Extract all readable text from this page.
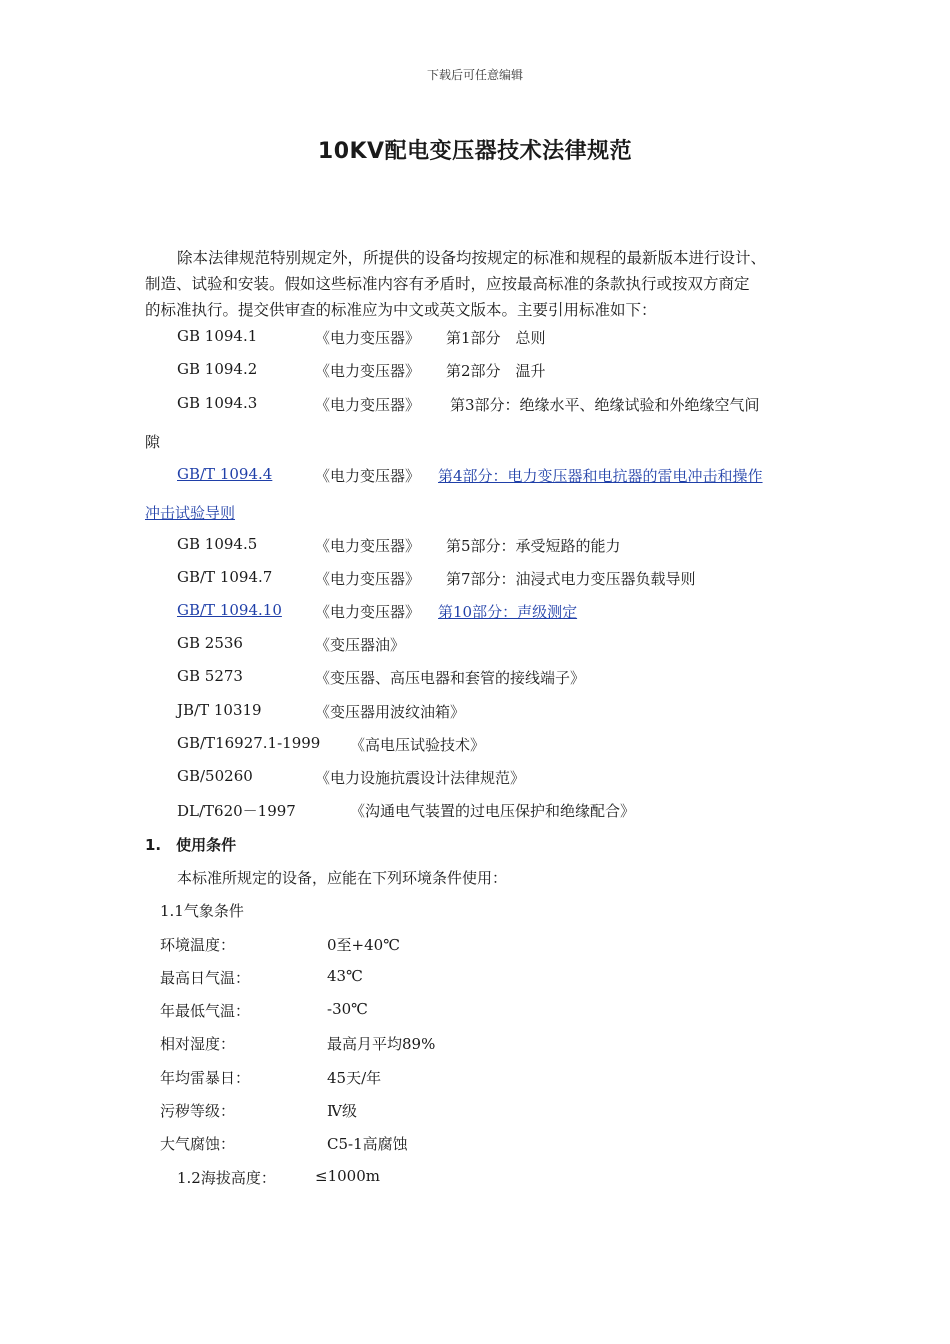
下载后可任意编辑
10KV配电变压器技术法律规范
除本法律规范特别规定外，所提供的设备均按规定的标准和规程的最新版本进行设计、
制造、试验和安装。假如这些标准内容有矛盾时，应按最高标准的条款执行或按双方商定
的标准执行。提交供审查的标准应为中文或英文版本。主要引用标准如下：
GB 1094.1	《电力变压器》 第1部分　总则
GB 1094.2	《电力变压器》 第2部分　温升
GB 1094.3	《电力变压器》 第3部分：绝缘水平、绝缘试验和外绝缘空气间
隙
GB/T 1094.4	《电力变压器》 第4部分：电力变压器和电抗器的雷电冲击和操作
冲击试验导则
GB 1094.5	《电力变压器》 第5部分：承受短路的能力
GB/T 1094.7	《电力变压器》 第7部分：油浸式电力变压器负载导则
GB/T 1094.10 《电力变压器》 第10部分：声级测定
GB 2536	《变压器油》
GB 5273	《变压器、高压电器和套管的接线端子》
JB/T 10319	《变压器用波纹油箱》
GB/T16927.1-1999 《高电压试验技术》
GB/50260	《电力设施抗震设计法律规范》
DL/T620－1997	《沟通电气装置的过电压保护和绝缘配合》
1.　使用条件
本标准所规定的设备，应能在下列环境条件使用：
1.1气象条件
环境温度：	0至+40℃
最高日气温：	43℃
年最低气温：	-30℃
相对湿度：	最高月平均89%
年均雷暴日：	45天/年
污秽等级：	Ⅳ级
大气腐蚀：	C5-1高腐蚀
1.2海拔高度：	≤1000m
